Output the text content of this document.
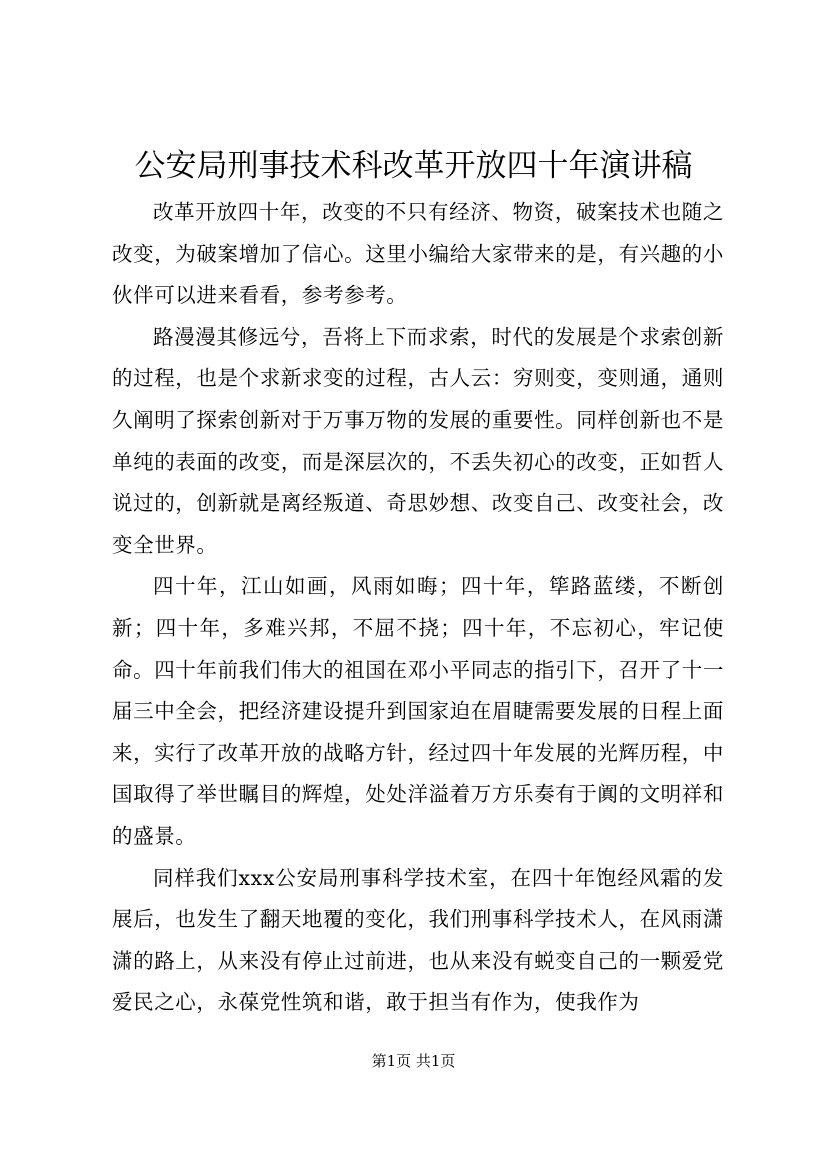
公安局刑事技术科改革开放四十年演讲稿

改革开放四十年，改变的不只有经济、物资，破案技术也随之改变，为破案增加了信心。这里小编给大家带来的是，有兴趣的小伙伴可以进来看看，参考参考。

路漫漫其修远兮，吾将上下而求索，时代的发展是个求索创新的过程，也是个求新求变的过程，古人云：穷则变，变则通，通则久阐明了探索创新对于万事万物的发展的重要性。同样创新也不是单纯的表面的改变，而是深层次的，不丢失初心的改变，正如哲人说过的，创新就是离经叛道、奇思妙想、改变自己、改变社会，改变全世界。

四十年，江山如画，风雨如晦；四十年，筚路蓝缕，不断创新；四十年，多难兴邦，不屈不挠；四十年，不忘初心，牢记使命。四十年前我们伟大的祖国在邓小平同志的指引下，召开了十一届三中全会，把经济建设提升到国家迫在眉睫需要发展的日程上面来，实行了改革开放的战略方针，经过四十年发展的光辉历程，中国取得了举世瞩目的辉煌，处处洋溢着万方乐奏有于阗的文明祥和的盛景。

同样我们xxx公安局刑事科学技术室，在四十年饱经风霜的发展后，也发生了翻天地覆的变化，我们刑事科学技术人，在风雨潇潇的路上，从来没有停止过前进，也从来没有蜕变自己的一颗爱党爱民之心，永葆党性筑和谐，敢于担当有作为，使我作为

第1页 共1页
